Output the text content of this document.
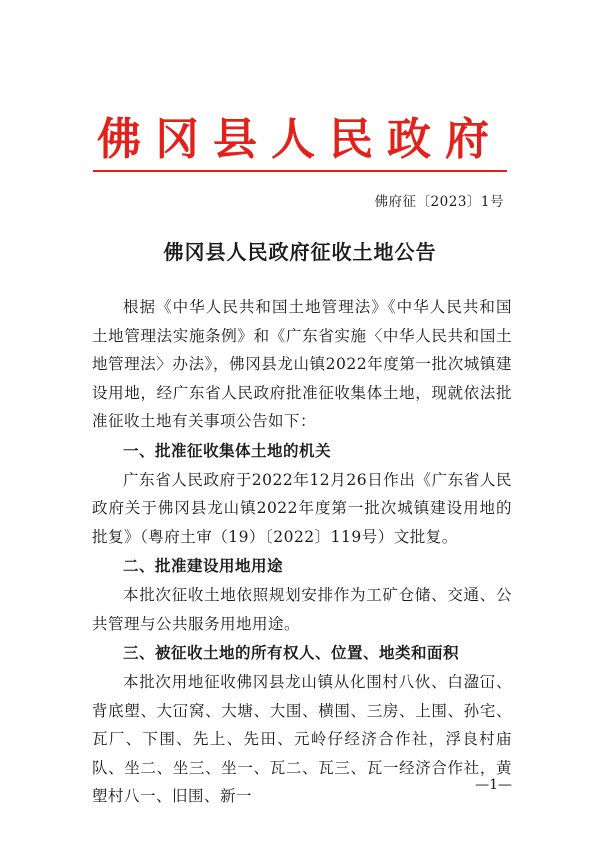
佛冈县人民政府
佛府征〔2023〕1号
佛冈县人民政府征收土地公告

根据《中华人民共和国土地管理法》《中华人民共和国土地管理法实施条例》和《广东省实施〈中华人民共和国土地管理法〉办法》，佛冈县龙山镇2022年度第一批次城镇建设用地，经广东省人民政府批准征收集体土地，现就依法批准征收土地有关事项公告如下：

一、批准征收集体土地的机关

广东省人民政府于2022年12月26日作出《广东省人民政府关于佛冈县龙山镇2022年度第一批次城镇建设用地的批复》（粤府土审（19）〔2022〕119号）文批复。

二、批准建设用地用途

本批次征收土地依照规划安排作为工矿仓储、交通、公共管理与公共服务用地用途。

三、被征收土地的所有权人、位置、地类和面积

本批次用地征收佛冈县龙山镇从化围村八伙、白溋冚、背底塱、大冚窝、大塘、大围、横围、三房、上围、孙宅、瓦厂、下围、先上、先田、元岭仔经济合作社，浮良村庙队、坐二、坐三、坐一、瓦二、瓦三、瓦一经济合作社，黄塱村八一、旧围、新一

—1—
